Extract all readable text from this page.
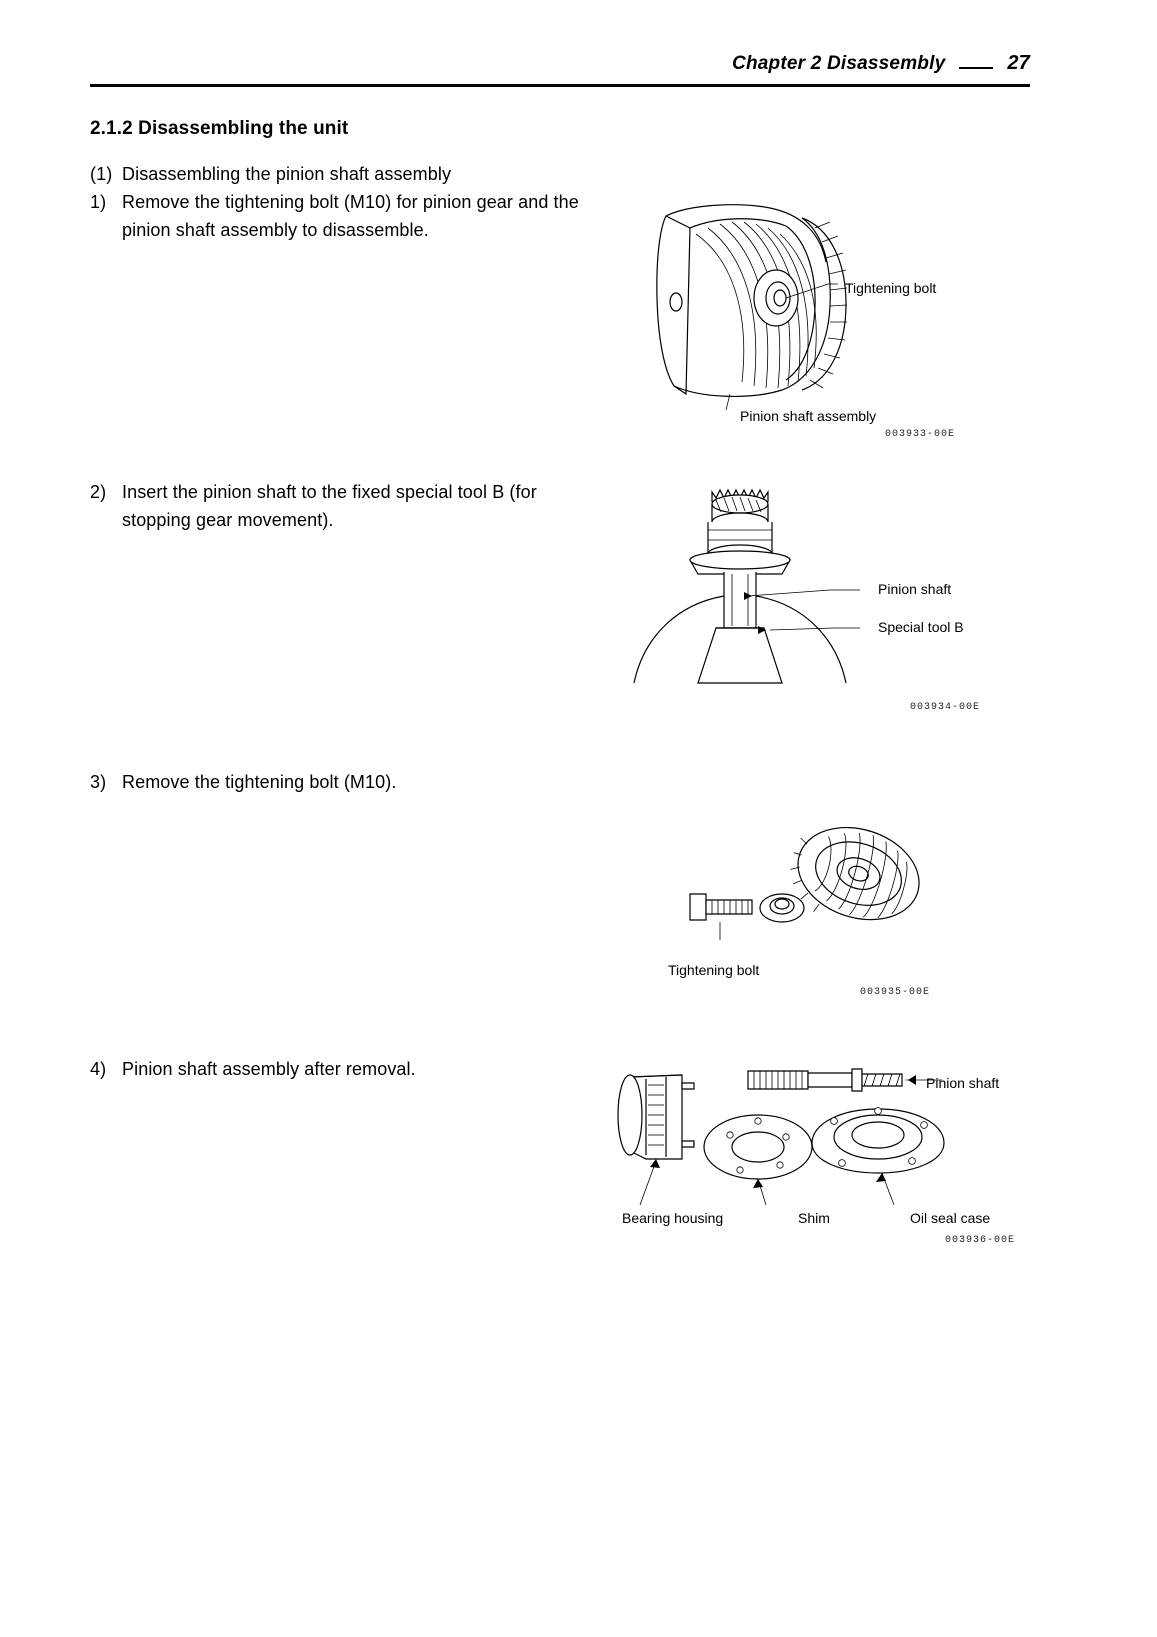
Chapter 2 Disassembly	27
2.1.2 Disassembling the unit
(1) Disassembling the pinion shaft assembly
1) Remove the tightening bolt (M10) for pinion gear and the pinion shaft assembly to disassemble.
Tightening bolt
Pinion shaft assembly
003933-00E
2) Insert the pinion shaft to the fixed special tool B (for stopping gear movement).
Pinion shaft
Special tool B
003934-00E
3) Remove the tightening bolt (M10).
Tightening bolt
003935-00E
4) Pinion shaft assembly after removal.
Pinion shaft
Bearing housing	Shim	Oil seal case
003936-00E
